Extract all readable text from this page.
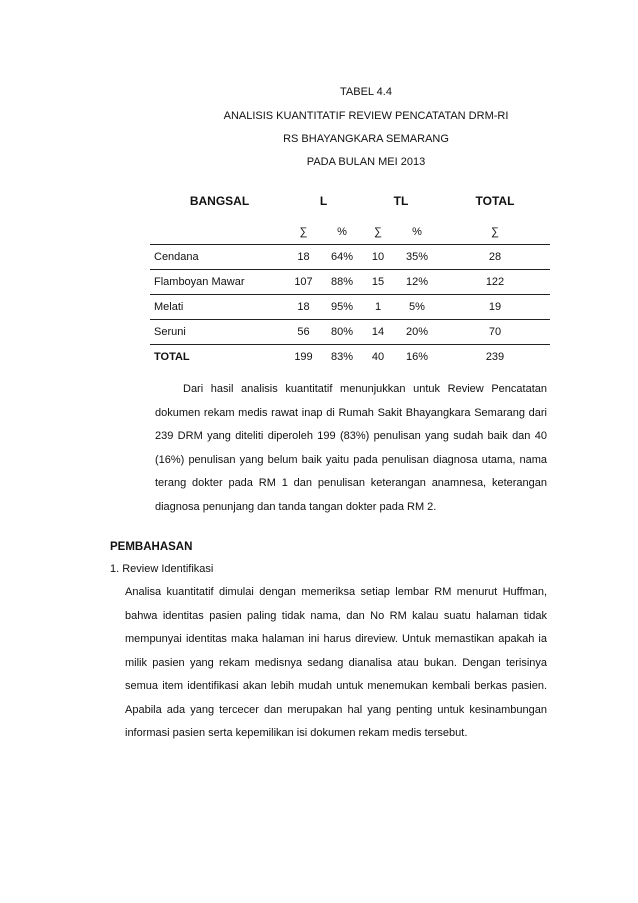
TABEL 4.4
ANALISIS KUANTITATIF REVIEW PENCATATAN DRM-RI
RS BHAYANGKARA SEMARANG
PADA BULAN MEI 2013
BANGSAL	L		TL		TOTAL
	∑	%	∑	%	∑
Cendana	18	64%	10	35%	28
Flamboyan Mawar	107	88%	15	12%	122
Melati	18	95%	1	5%	19
Seruni	56	80%	14	20%	70
TOTAL	199	83%	40	16%	239

Dari hasil analisis kuantitatif menunjukkan untuk Review Pencatatan dokumen rekam medis rawat inap di Rumah Sakit Bhayangkara Semarang dari 239 DRM yang diteliti diperoleh 199 (83%) penulisan yang sudah baik dan 40 (16%) penulisan yang belum baik yaitu pada penulisan diagnosa utama, nama terang dokter pada RM 1 dan penulisan keterangan anamnesa, keterangan diagnosa penunjang dan tanda tangan dokter pada RM 2.

PEMBAHASAN
1. Review Identifikasi

Analisa kuantitatif dimulai dengan memeriksa setiap lembar RM menurut Huffman, bahwa identitas pasien paling tidak nama, dan No RM kalau suatu halaman tidak mempunyai identitas maka halaman ini harus direview. Untuk memastikan apakah ia milik pasien yang rekam medisnya sedang dianalisa atau bukan. Dengan terisinya semua item identifikasi akan lebih mudah untuk menemukan kembali berkas pasien. Apabila ada yang tercecer dan merupakan hal yang penting untuk kesinambungan informasi pasien serta kepemilikan isi dokumen rekam medis tersebut.
